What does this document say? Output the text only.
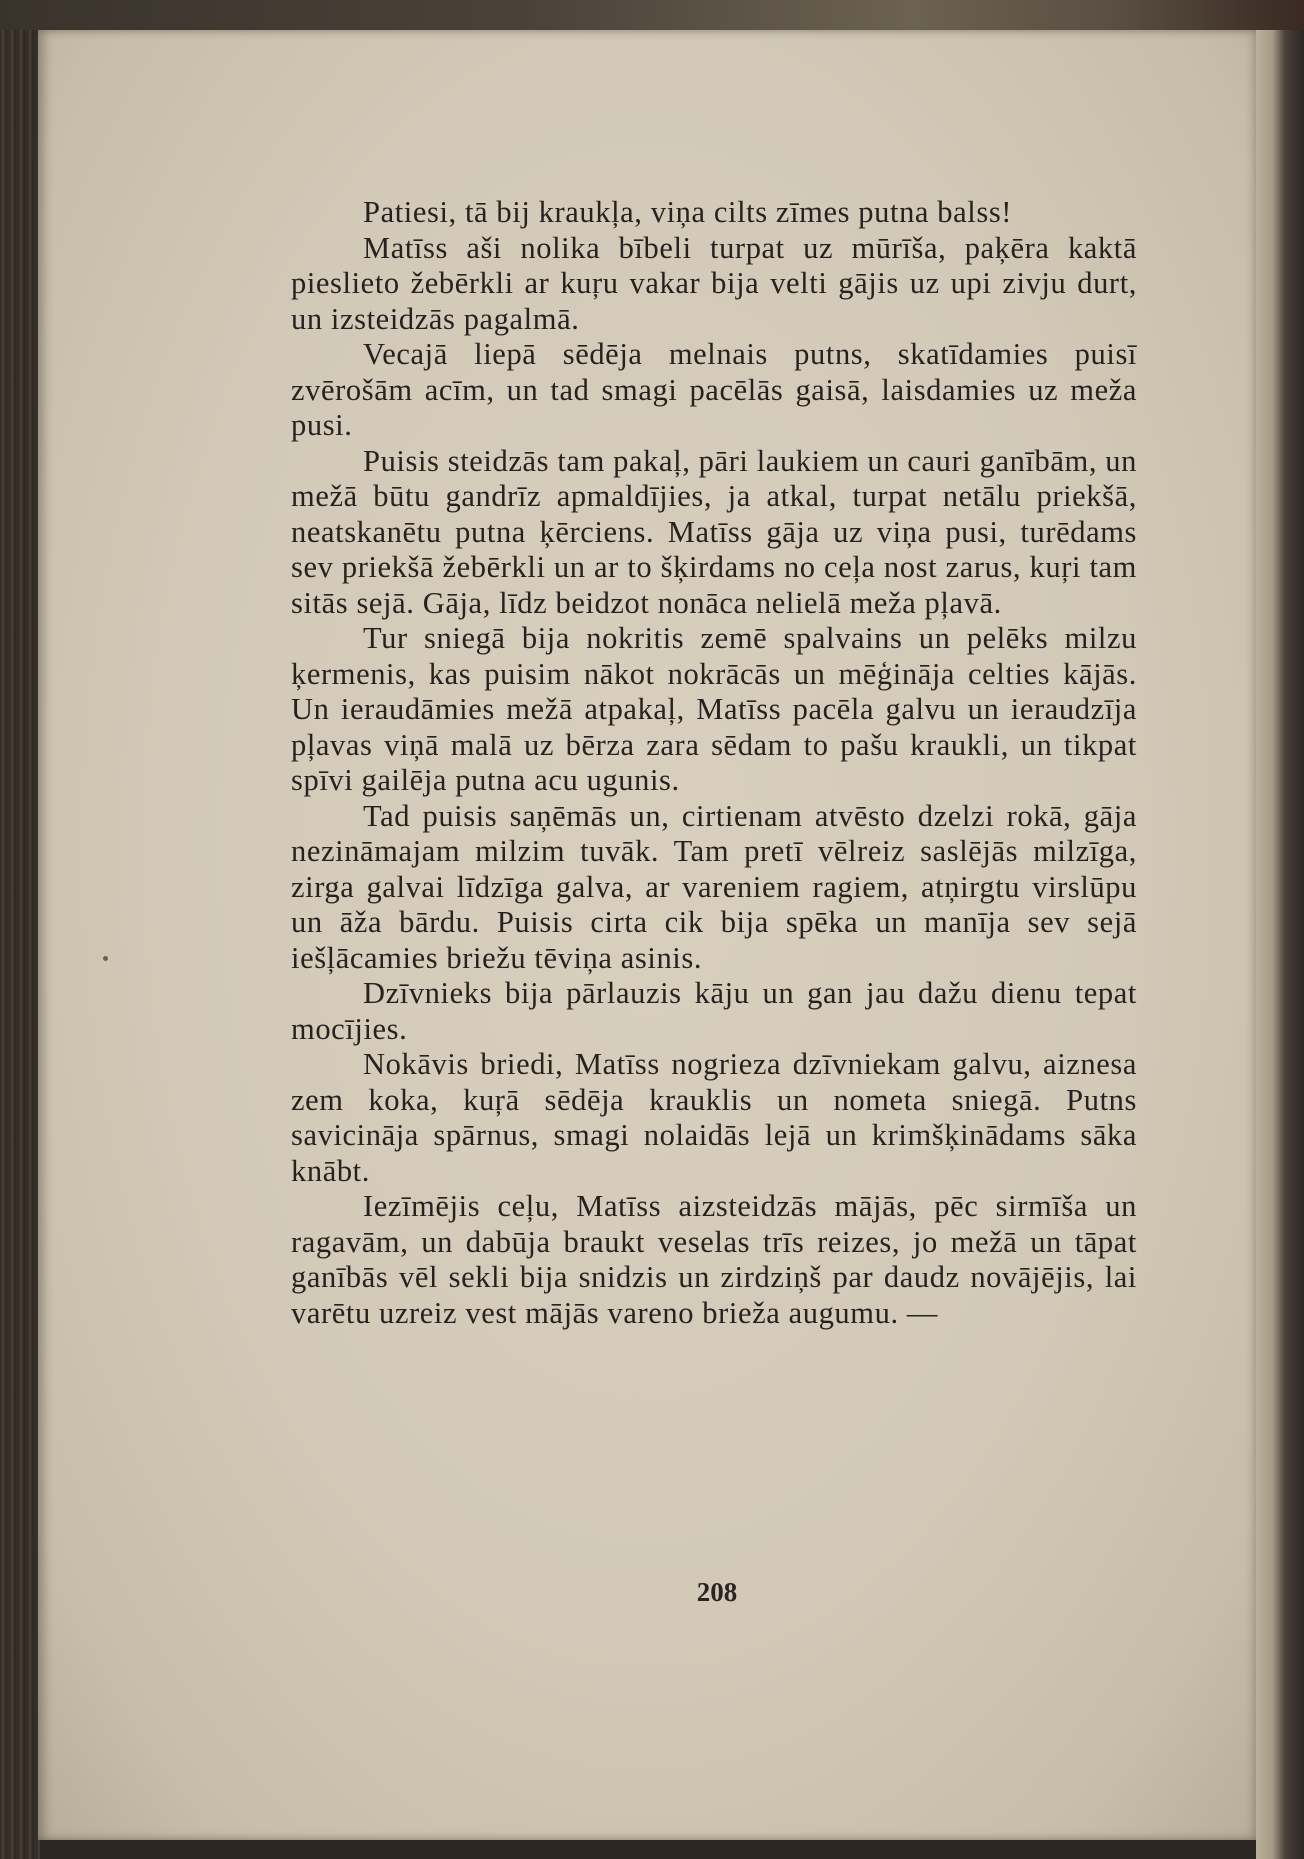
Patiesi, tā bij kraukļa, viņa cilts zīmes putna balss!

Matīss aši nolika bībeli turpat uz mūrīša, paķēra kaktā pieslieto žebērkli ar kuŗu vakar bija velti gājis uz upi zivju durt, un izsteidzās pagalmā.

Vecajā liepā sēdēja melnais putns, skatīdamies puisī zvērošām acīm, un tad smagi pacēlās gaisā, laisdamies uz meža pusi.

Puisis steidzās tam pakaļ, pāri laukiem un cauri ganībām, un mežā būtu gandrīz apmaldījies, ja atkal, turpat netālu priekšā, neatskanētu putna ķērciens. Matīss gāja uz viņa pusi, turēdams sev priekšā žebērkli un ar to šķirdams no ceļa nost zarus, kuŗi tam sitās sejā. Gāja, līdz beidzot nonāca nelielā meža pļavā.

Tur sniegā bija nokritis zemē spalvains un pelēks milzu ķermenis, kas puisim nākot nokrācās un mēģināja celties kājās. Un ieraudāmies mežā atpakaļ, Matīss pacēla galvu un ieraudzīja pļavas viņā malā uz bērza zara sēdam to pašu kraukli, un tikpat spīvi gailēja putna acu ugunis.

Tad puisis saņēmās un, cirtienam atvēsto dzelzi rokā, gāja nezināmajam milzim tuvāk. Tam pretī vēlreiz saslējās milzīga, zirga galvai līdzīga galva, ar vareniem ragiem, atņirgtu virslūpu un āža bārdu. Puisis cirta cik bija spēka un manīja sev sejā iešļācamies briežu tēviņa asinis.

Dzīvnieks bija pārlauzis kāju un gan jau dažu dienu tepat mocījies.

Nokāvis briedi, Matīss nogrieza dzīvniekam galvu, aiznesa zem koka, kuŗā sēdēja krauklis un nometa sniegā. Putns savicināja spārnus, smagi nolaidās lejā un krimšķinādams sāka knābt.

Iezīmējis ceļu, Matīss aizsteidzās mājās, pēc sirmīša un ragavām, un dabūja braukt veselas trīs reizes, jo mežā un tāpat ganībās vēl sekli bija snidzis un zirdziņš par daudz novājējis, lai varētu uzreiz vest mājās vareno brieža augumu. —

208
